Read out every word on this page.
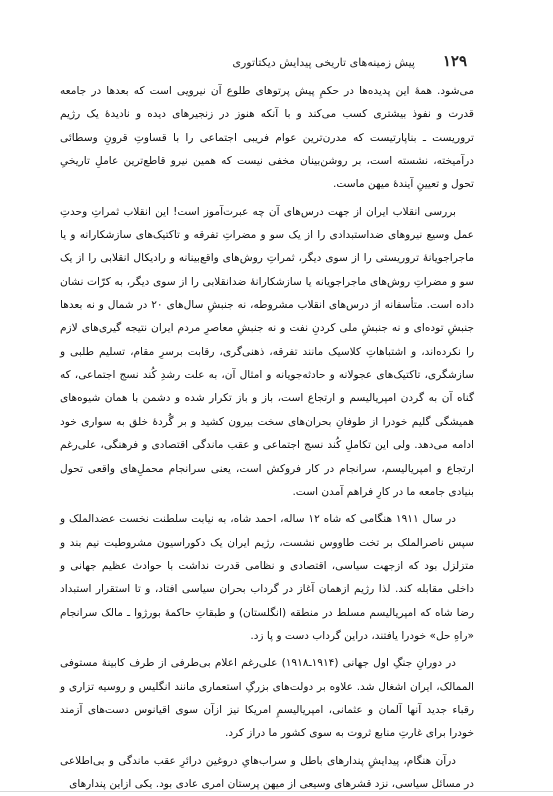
۱۲۹
پیش زمینه‌های تاریخی پیدایش دیکتاتوری

می‌شود. همهٔ این پدیده‌ها در حکمِ پیش پرتوهای طلوع آن نیرویی است که بعدها در جامعه قدرت و نفوذ بیشتری کسب می‌کند و با آنکه هنوز در زنجیرهای دیده و نادیدهٔ یک رژیم تروریست ـ بناپارتیست که مدرن‌ترین عوام فریبی اجتماعی را با قساوتِ قرونِ وسطائی درآمیخته، نشسته است، بر روشن‌بینان مخفی نیست که همین نیرو قاطع‌ترین عاملِ تاریخیِ تحول و تعیینِ آیندهٔ میهن ماست.

بررسی انقلاب ایران از جهت درس‌های آن چه عبرت‌آموز است! این انقلاب ثمراتِ وحدتِ عمل وسیع نیروهای ضداستبدادی را از یک سو و مضراتِ تفرقه و تاکتیک‌های سازشکارانه و یا ماجراجویانهٔ تروریستی را از سوی دیگر، ثمراتِ روش‌های واقع‌بینانه و رادیکال انقلابی را از یک سو و مضراتِ روش‌های ماجراجویانه یا سازشکارانهٔ ضدانقلابی را از سوی دیگر، به کرّات نشان داده است. متأسفانه از درس‌های انقلاب مشروطه، نه جنبشِ سال‌های ۲۰ در شمال و نه بعدها جنبشِ توده‌ای و نه جنبشِ ملی کردنِ نفت و نه جنبشِ معاصرِ مردم ایران نتیجه گیری‌های لازم را نکرده‌اند، و اشتباهاتِ کلاسیک مانند تفرقه، ذهنی‌گری، رقابت برسرِ مقام، تسلیم طلبی و سازشگری، تاکتیک‌های عجولانه و حادثه‌جویانه و امثال آن، به علت رشدِ کُند نسج اجتماعی، که گناه آن به گردن امپریالیسم و ارتجاع است، باز و باز تکرار شده و دشمن با همان شیوه‌های همیشگی گلیم خودرا از طوفانِ بحران‌های سخت بیرون کشید و بر گُردهٔ خلق به سواری خود ادامه می‌دهد. ولی این تکاملِ کُند نسج اجتماعی و عقب ماندگی اقتصادی و فرهنگی، علی‌رغم ارتجاع و امپریالیسم، سرانجام در کار فروکش است، یعنی سرانجام محملِ‌های واقعی تحول بنیادی جامعه ما در کارِ فراهم آمدن است.

در سال ۱۹۱۱ هنگامی که شاه ۱۲ ساله، احمد شاه، به نیابت سلطنت نخست عضدالملک و سپس ناصرالملک بر تخت طاووس نشست، رژیم ایران یک دکوراسیون مشروطیت نیم بند و متزلزل بود که ازجهت سیاسی، اقتصادی و نظامی قدرت نداشت با حوادث عظیم جهانی و داخلی مقابله کند. لذا رژیم ازهمان آغاز در گرداب بحران سیاسی افتاد، و تا استقرار استبداد رضا شاه که امپریالیسم مسلط در منطقه (انگلستان) و طبقاتِ حاکمهٔ بورژوا ـ مالک سرانجام «راهِ حل» خودرا یافتند، دراین گرداب دست و پا زد.

در دورانِ جنگِ اول جهانی (۱۹۱۴ـ۱۹۱۸) علی‌رغم اعلام بی‌طرفی از طرف کابینهٔ مستوفی الممالک، ایران اشغال شد. علاوه بر دولت‌های بزرگِ استعماری مانند انگلیس و روسیه تزاری و رقباء جدید آنها آلمان و عثمانی، امپریالیسمِ امریکا نیز ازآن سوی اقیانوس دست‌های آزمند خودرا برای غارتِ منابع ثروت به سوی کشور ما دراز کرد.

درآن هنگام، پیدایشِ پندارهای باطل و سراب‌هایِ دروغین درائرِ عقب ماندگی و بی‌اطلاعی در مسائل سیاسی، نزد قشرهای وسیعی از میهن پرستان امری عادی بود. یکی ازاین پندارهای
